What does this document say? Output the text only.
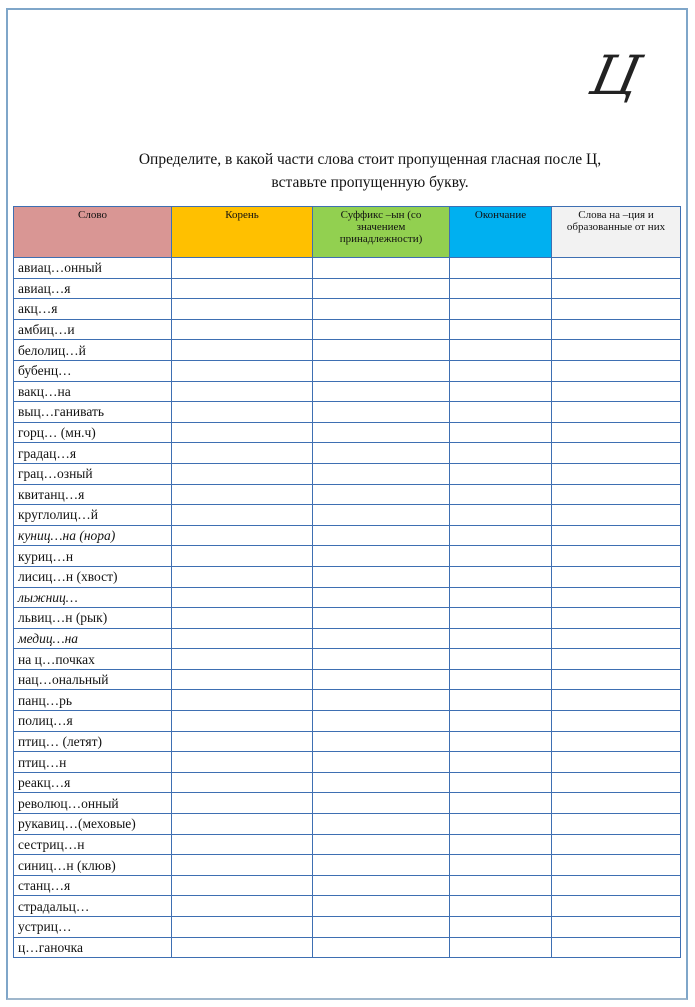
Ц
Определите, в какой части слова стоит пропущенная гласная после Ц,
вставьте пропущенную букву.
Слово	Корень	Суффикс –ын (со значением принадлежности)	Окончание	Слова на –ция и образованные от них
авиац…онный				
авиац…я				
акц…я				
амбиц…и				
белолиц…й				
бубенц…				
вакц…на				
выц…ганивать				
горц… (мн.ч)				
градац…я				
грац…озный				
квитанц…я				
круглолиц…й				
куниц…на (нора)				
куриц…н				
лисиц…н (хвост)				
лыжниц…				
львиц…н (рык)				
медиц…на				
на ц…почках				
нац…ональный				
панц…рь				
полиц…я				
птиц… (летят)				
птиц…н				
реакц…я				
революц…онный				
рукавиц…(меховые)				
сестриц…н				
синиц…н (клюв)				
станц…я				
страдальц…				
устриц…				
ц…ганочка				
